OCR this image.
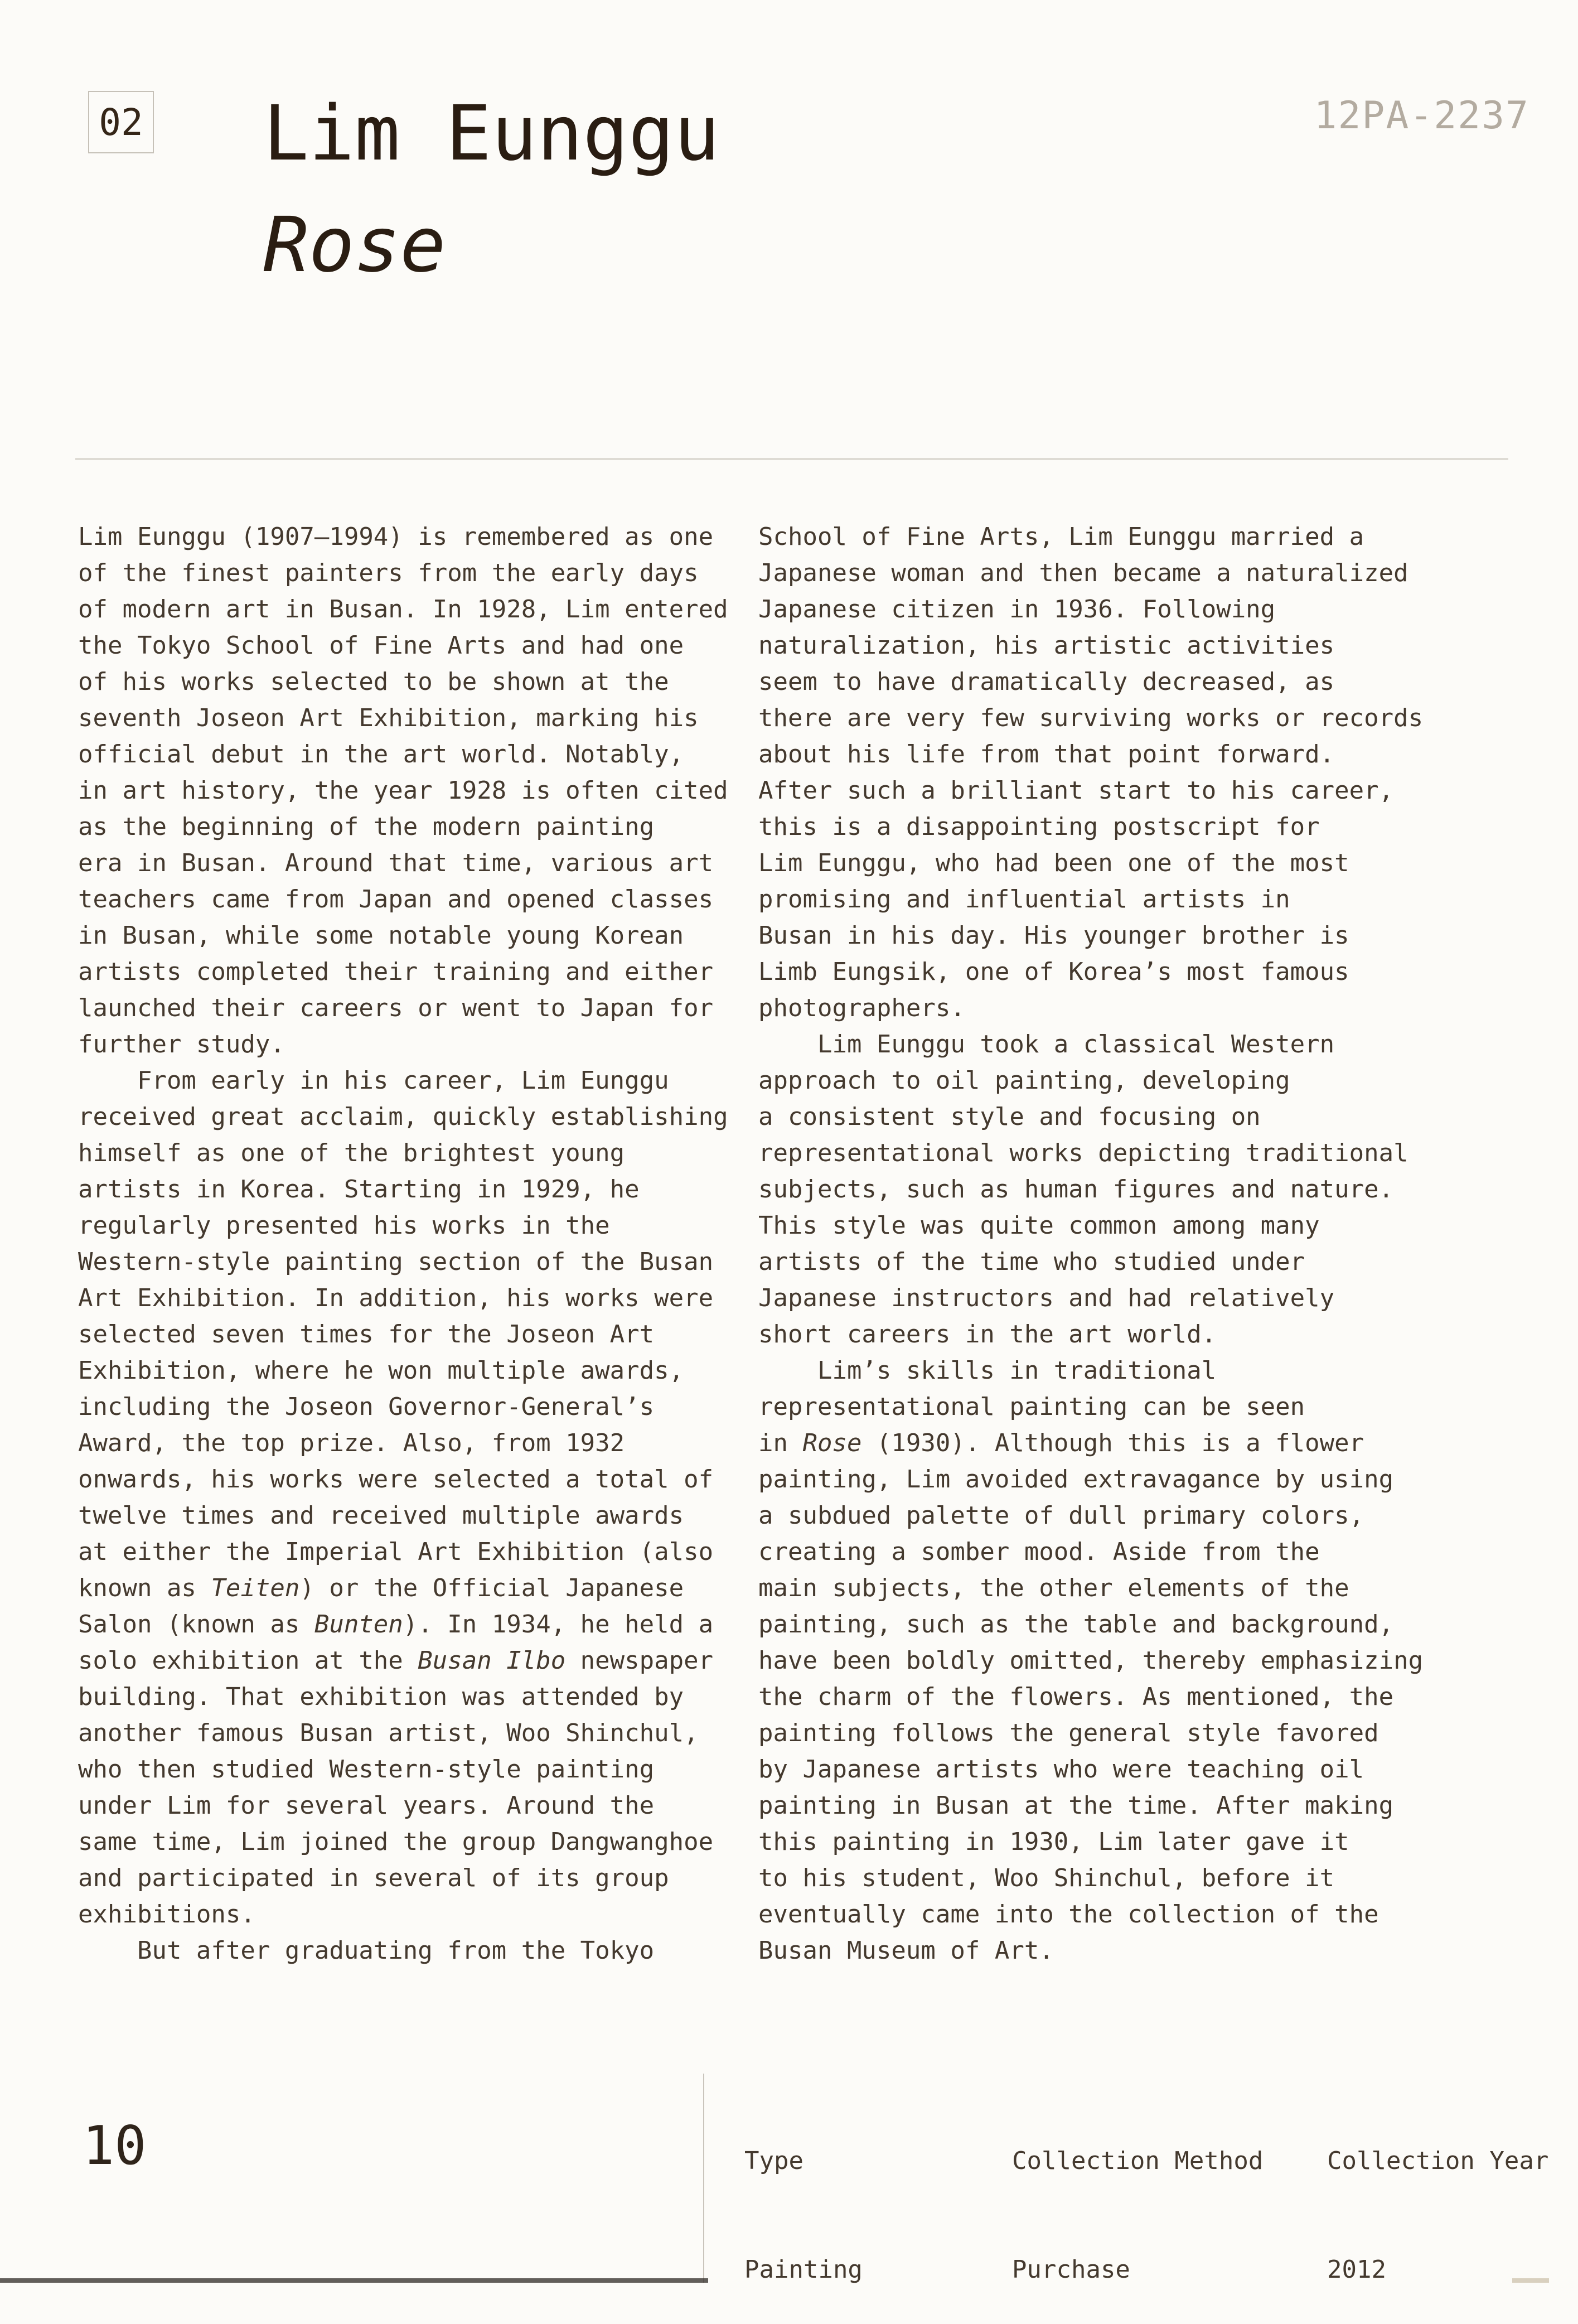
02 Lim Eunggu
Rose
12PA-2237
Lim Eunggu (1907–1994) is remembered as one
of the finest painters from the early days
of modern art in Busan. In 1928, Lim entered
the Tokyo School of Fine Arts and had one
of his works selected to be shown at the
seventh Joseon Art Exhibition, marking his
official debut in the art world. Notably,
in art history, the year 1928 is often cited
as the beginning of the modern painting
era in Busan. Around that time, various art
teachers came from Japan and opened classes
in Busan, while some notable young Korean
artists completed their training and either
launched their careers or went to Japan for
further study.
From early in his career, Lim Eunggu
received great acclaim, quickly establishing
himself as one of the brightest young
artists in Korea. Starting in 1929, he
regularly presented his works in the
Western-style painting section of the Busan
Art Exhibition. In addition, his works were
selected seven times for the Joseon Art
Exhibition, where he won multiple awards,
including the Joseon Governor-General’s
Award, the top prize. Also, from 1932
onwards, his works were selected a total of
twelve times and received multiple awards
at either the Imperial Art Exhibition (also
known as Teiten) or the Official Japanese
Salon (known as Bunten). In 1934, he held a
solo exhibition at the Busan Ilbo newspaper
building. That exhibition was attended by
another famous Busan artist, Woo Shinchul,
who then studied Western-style painting
under Lim for several years. Around the
same time, Lim joined the group Dangwanghoe
and participated in several of its group
exhibitions.
But after graduating from the Tokyo
School of Fine Arts, Lim Eunggu married a
Japanese woman and then became a naturalized
Japanese citizen in 1936. Following
naturalization, his artistic activities
seem to have dramatically decreased, as
there are very few surviving works or records
about his life from that point forward.
After such a brilliant start to his career,
this is a disappointing postscript for
Lim Eunggu, who had been one of the most
promising and influential artists in
Busan in his day. His younger brother is
Limb Eungsik, one of Korea’s most famous
photographers.
Lim Eunggu took a classical Western
approach to oil painting, developing
a consistent style and focusing on
representational works depicting traditional
subjects, such as human figures and nature.
This style was quite common among many
artists of the time who studied under
Japanese instructors and had relatively
short careers in the art world.
Lim’s skills in traditional
representational painting can be seen
in Rose (1930). Although this is a flower
painting, Lim avoided extravagance by using
a subdued palette of dull primary colors,
creating a somber mood. Aside from the
main subjects, the other elements of the
painting, such as the table and background,
have been boldly omitted, thereby emphasizing
the charm of the flowers. As mentioned, the
painting follows the general style favored
by Japanese artists who were teaching oil
painting in Busan at the time. After making
this painting in 1930, Lim later gave it
to his student, Woo Shinchul, before it
eventually came into the collection of the
Busan Museum of Art.
10

	Type

Painting

Collection Method

Purchase

Collection Year

2012
